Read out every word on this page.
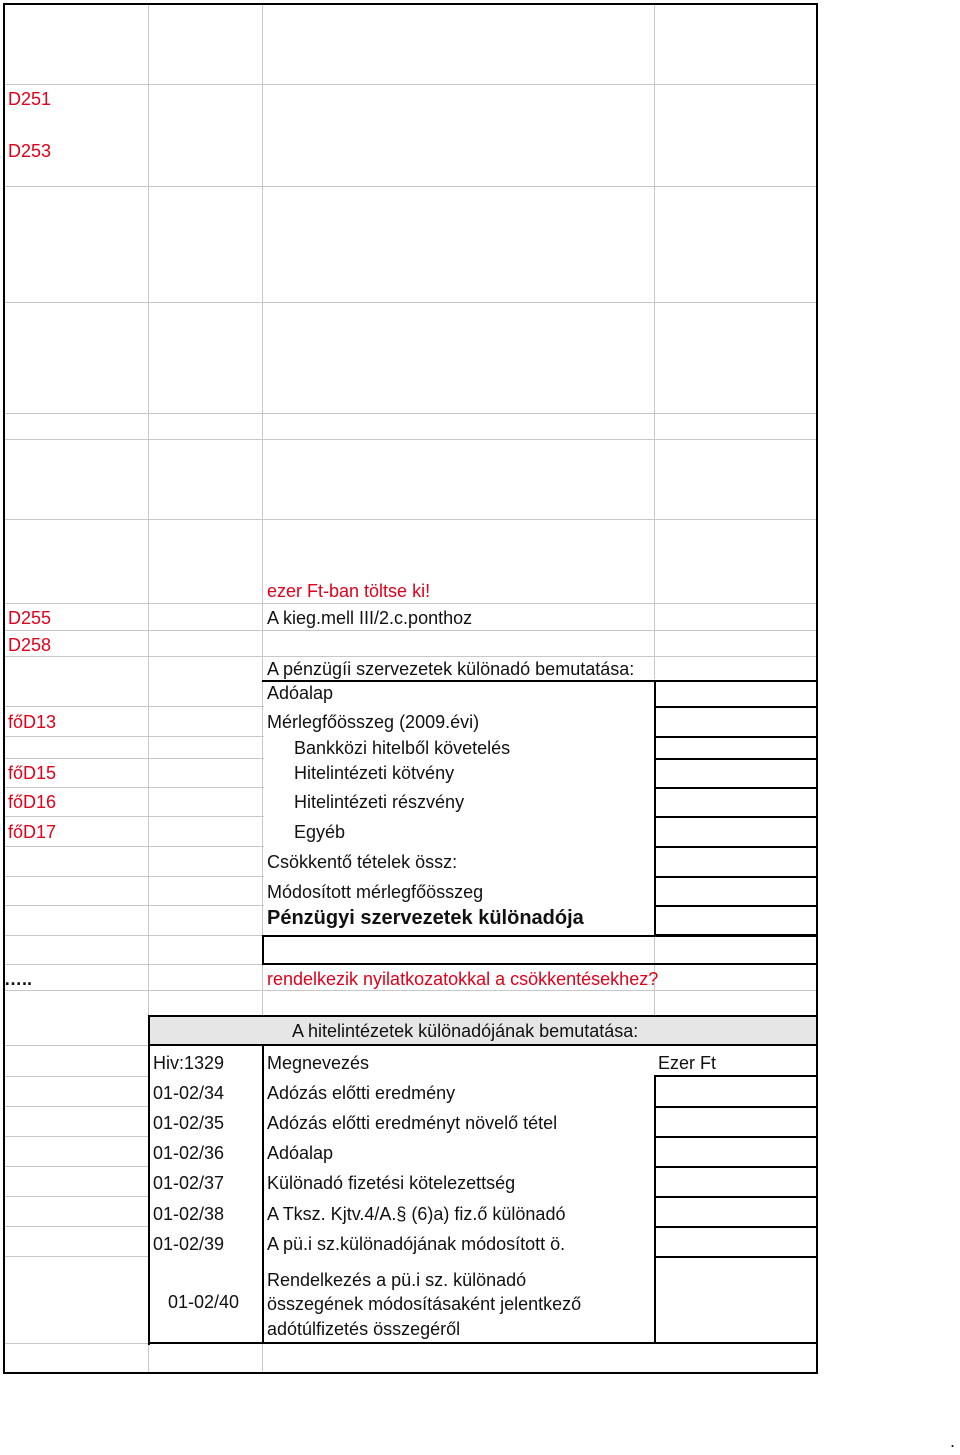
D251
D253
D255
D258
főD13
főD15
főD16
főD17
…..
ezer Ft-ban töltse ki!
A kieg.mell III/2.c.ponthoz
A pénzügíi szervezetek különadó bemutatása:
Adóalap
Mérlegfőösszeg (2009.évi)
Bankközi hitelből követelés
Hitelintézeti kötvény
Hitelintézeti részvény
Egyéb
Csökkentő tételek össz:
Módosított mérlegfőösszeg
Pénzügyi szervezetek különadója
rendelkezik nyilatkozatokkal a csökkentésekhez?
A hitelintézetek különadójának bemutatása:
Hiv:1329 Megnevezés	Ezer Ft
01-02/34 Adózás előtti eredmény
01-02/35 Adózás előtti eredményt növelő tétel
01-02/36 Adóalap
01-02/37 Különadó fizetési kötelezettség
01-02/38 A Tksz. Kjtv.4/A.§ (6)a) fiz.ő különadó
01-02/39 A pü.i sz.különadójának módosított ö.
01-02/40
Rendelkezés a pü.i sz. különadó
összegének módosításaként jelentkező
adótúlfizetés összegéről
.
